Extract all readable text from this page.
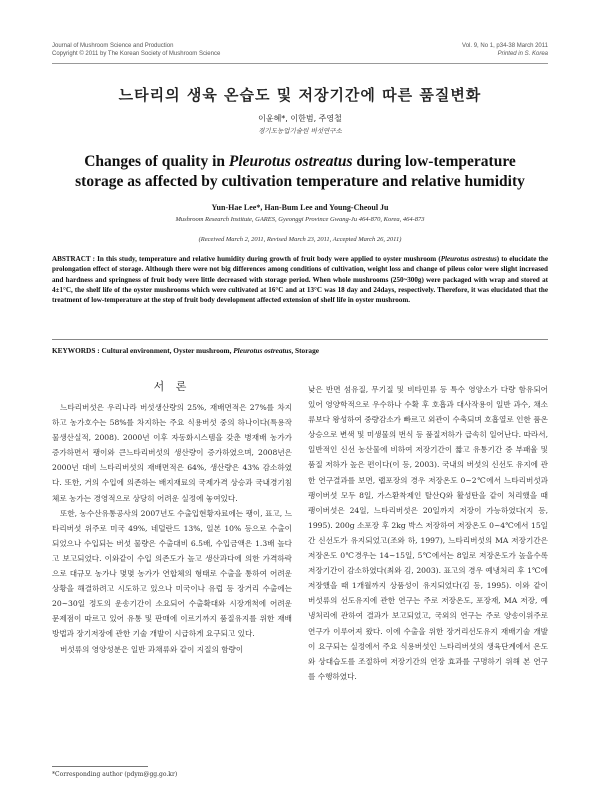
Journal of Mushroom Science and Production
Copyright © 2011 by The Korean Society of Mushroom Science
Vol. 9, No 1, p34-38 March 2011
Printed in S. Korea
느타리의 생육 온습도 및 저장기간에 따른 품질변화
이윤혜*, 이한범, 주영철
경기도농업기술원 버섯연구소
Changes of quality in Pleurotus ostreatus during low-temperature storage as affected by cultivation temperature and relative humidity
Yun-Hae Lee*, Han-Bum Lee and Young-Cheoul Ju
Mushroom Research Institute, GARES, Gyeonggi Province Gwang-Ju 464-870, Korea, 464-873
(Received March 2, 2011, Revised March 23, 2011, Accepted March 26, 2011)
ABSTRACT : In this study, temperature and relative humidity during growth of fruit body were applied to oyster mushroom (Pleurotus ostrestus) to elucidate the prolongation effect of storage. Although there were not big differences among conditions of cultivation, weight loss and change of pileus color were slight increased and hardness and springness of fruit body were little decreased with storage period. When whole mushrooms (250~300g) were packaged with wrap and stored at 4±1°C, the shelf life of the oyster mushrooms which were cultivated at 16°C and at 13°C was 18 day and 24days, respectively. Therefore, it was elucidated that the treatment of low-temperature at the step of fruit body development affected extension of shelf life in oyster mushroom.
KEYWORDS : Cultural environment, Oyster mushroom, Pleurotus ostreatus, Storage
서 론

느타리버섯은 우리나라 버섯생산량의 25%, 재배면적은 27%를 차지하고 농가호수는 58%를 차지하는 주요 식용버섯 중의 하나이다(특용작물생산실적, 2008). 2000년 이후 자동화시스템을 갖춘 병재배 농가가 증가하면서 팽이와 큰느타리버섯의 생산량이 증가하였으며, 2008년은 2000년 대비 느타리버섯의 재배면적은 64%, 생산량은 43% 감소하였다. 또한, 거의 수입에 의존하는 배지재료의 국제가격 상승과 국내경기침체로 농가는 경영적으로 상당히 어려운 실정에 놓여있다.

또한, 농수산유통공사의 2007년도 수출입현황자료에는 팽이, 표고, 느타리버섯 위주로 미국 49%, 네덜란드 13%, 일본 10% 등으로 수출이 되었으나 수입되는 버섯 물량은 수출대비 6.5배, 수입금액은 1.3배 높다고 보고되었다. 이와같이 수입 의존도가 높고 생산과다에 의한 가격하락으로 대규모 농가나 몇몇 농가가 연합체의 형태로 수출을 통하여 어려운 상황을 해결하려고 시도하고 있으나 미국이나 유럽 등 장거리 수출에는 20~30일 정도의 운송기간이 소요되어 수출확대와 시장개척에 어려운 문제점이 따르고 있어 유통 및 판매에 이르기까지 품질유지를 위한 재배방법과 장기저장에 관한 기술 개발이 시급하게 요구되고 있다.

버섯류의 영양성분은 일반 과채류와 같이 지질의 함량이

낮은 반면 섬유질, 무기질 및 비타민류 등 특수 영양소가 다량 함유되어 있어 영양학적으로 우수하나 수확 후 호흡과 대사작용이 일반 과수, 채소류보다 왕성하여 중량감소가 빠르고 외관이 수축되며 호흡열로 인한 품온 상승으로 변색 및 미생물의 번식 등 품질저하가 급속히 일어난다. 따라서, 일반적인 신선 농산물에 비하여 저장기간이 짧고 유통기간 중 부패율 및 품질 저하가 높은 편이다(이 등, 2003). 국내의 버섯의 신선도 유지에 관한 연구결과를 보면, 랩포장의 경우 저장온도 0~2℃에서 느타리버섯과 팽이버섯 모두 8일, 가스환착제인 탈산Q와 활성탄을 같이 처리했을 때 팽이버섯은 24일, 느타리버섯은 20일까지 저장이 가능하였다(지 등, 1995). 200g 소포장 후 2kg 박스 저장하여 저장온도 0~4℃에서 15일간 신선도가 유지되었고(조와 하, 1997), 느타리버섯의 MA 저장기간은 저장온도 0℃경우는 14~15일, 5℃에서는 8일로 저장온도가 높을수록 저장기간이 감소하였다(최와 김, 2003). 표고의 경우 예냉처리 후 1℃에 저장했을 때 1개월까지 상품성이 유지되었다(김 등, 1995). 이와 같이 버섯류의 선도유지에 관한 연구는 주로 저장온도, 포장재, MA 저장, 예냉처리에 관하여 결과가 보고되었고, 국외의 연구는 주로 양송이위주로 연구가 이루어져 왔다. 이에 수출을 위한 장거리선도유지 재배기술 개발이 요구되는 실정에서 주요 식용버섯인 느타리버섯의 생육단계에서 온도와 상대습도를 조절하여 저장기간의 연장 효과를 구명하기 위해 본 연구를 수행하였다.

*Corresponding author (pdym@gg.go.kr)
